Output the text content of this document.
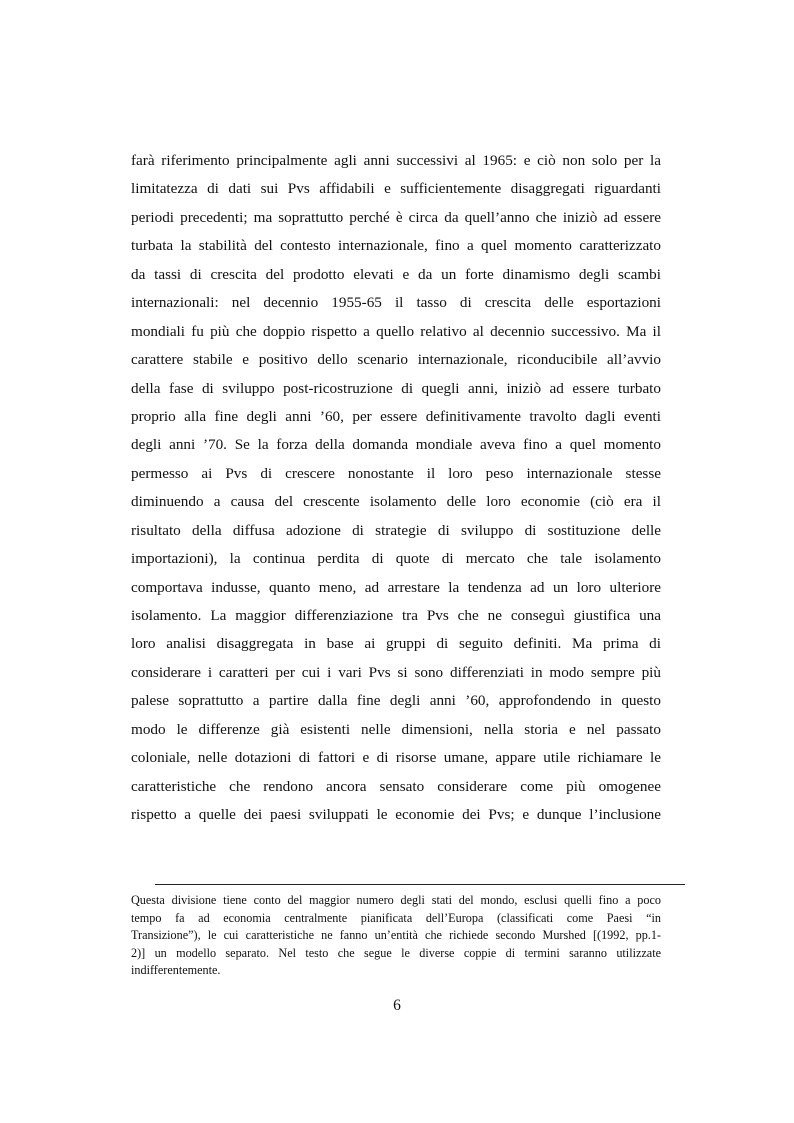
farà riferimento principalmente agli anni successivi al 1965: e ciò non solo per la
limitatezza di dati sui Pvs affidabili e sufficientemente disaggregati riguardanti
periodi precedenti; ma soprattutto perché è circa da quell’anno che iniziò ad essere
turbata la stabilità del contesto internazionale, fino a quel momento caratterizzato
da tassi di crescita del prodotto elevati e da un forte dinamismo degli scambi
internazionali: nel decennio 1955-65 il tasso di crescita delle esportazioni
mondiali fu più che doppio rispetto a quello relativo al decennio successivo. Ma il
carattere stabile e positivo dello scenario internazionale, riconducibile all’avvio
della fase di sviluppo post-ricostruzione di quegli anni, iniziò ad essere turbato
proprio alla fine degli anni ’60, per essere definitivamente travolto dagli eventi
degli anni ’70. Se la forza della domanda mondiale aveva fino a quel momento
permesso ai Pvs di crescere nonostante il loro peso internazionale stesse
diminuendo a causa del crescente isolamento delle loro economie (ciò era il
risultato della diffusa adozione di strategie di sviluppo di sostituzione delle
importazioni), la continua perdita di quote di mercato che tale isolamento
comportava indusse, quanto meno, ad arrestare la tendenza ad un loro ulteriore
isolamento. La maggior differenziazione tra Pvs che ne conseguì giustifica una
loro analisi disaggregata in base ai gruppi di seguito definiti. Ma prima di
considerare i caratteri per cui i vari Pvs si sono differenziati in modo sempre più
palese soprattutto a partire dalla fine degli anni ’60, approfondendo in questo
modo le differenze già esistenti nelle dimensioni, nella storia e nel passato
coloniale, nelle dotazioni di fattori e di risorse umane, appare utile richiamare le
caratteristiche che rendono ancora sensato considerare come più omogenee
rispetto a quelle dei paesi sviluppati le economie dei Pvs; e dunque l’inclusione
Questa divisione tiene conto del maggior numero degli stati del mondo, esclusi quelli fino a poco
tempo fa ad economia centralmente pianificata dell’Europa (classificati come Paesi “in
Transizione”), le cui caratteristiche ne fanno un’entità che richiede secondo Murshed [(1992, pp.1-
2)] un modello separato. Nel testo che segue le diverse coppie di termini saranno utilizzate
indifferentemente.
6
